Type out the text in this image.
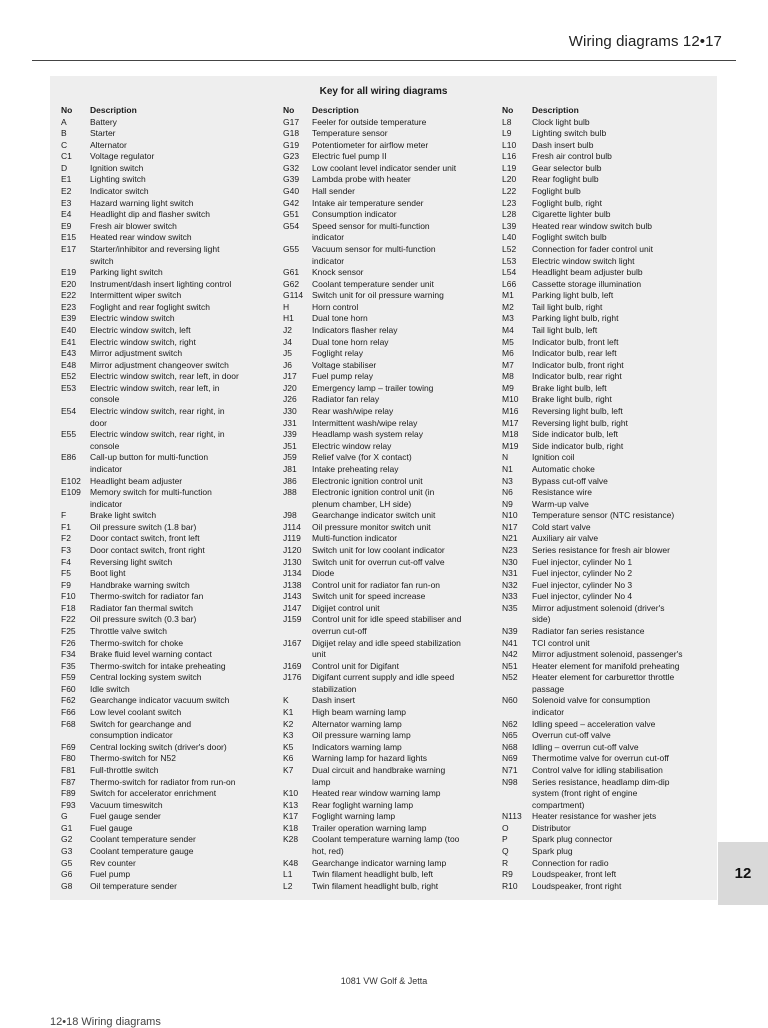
Wiring diagrams 12•17
Key for all wiring diagrams
No	Description
A	Battery
B	Starter
C	Alternator
C1	Voltage regulator
D	Ignition switch
E1	Lighting switch
E2	Indicator switch
E3	Hazard warning light switch
E4	Headlight dip and flasher switch
E9	Fresh air blower switch
E15	Heated rear window switch
E17	Starter/inhibitor and reversing light
switch
E19	Parking light switch
E20	Instrument/dash insert lighting control
E22	Intermittent wiper switch
E23	Foglight and rear foglight switch
E39	Electric window switch
E40	Electric window switch, left
E41	Electric window switch, right
E43	Mirror adjustment switch
E48	Mirror adjustment changeover switch
E52	Electric window switch, rear left, in door
E53	Electric window switch, rear left, in
console
E54	Electric window switch, rear right, in
door
E55	Electric window switch, rear right, in
console
E86	Call-up button for multi-function
indicator
E102	Headlight beam adjuster
E109	Memory switch for multi-function
indicator
F	Brake light switch
F1	Oil pressure switch (1.8 bar)
F2	Door contact switch, front left
F3	Door contact switch, front right
F4	Reversing light switch
F5	Boot light
F9	Handbrake warning switch
F10	Thermo-switch for radiator fan
F18	Radiator fan thermal switch
F22	Oil pressure switch (0.3 bar)
F25	Throttle valve switch
F26	Thermo-switch for choke
F34	Brake fluid level warning contact
F35	Thermo-switch for intake preheating
F59	Central locking system switch
F60	Idle switch
F62	Gearchange indicator vacuum switch
F66	Low level coolant switch
F68	Switch for gearchange and
consumption indicator
F69	Central locking switch (driver's door)
F80	Thermo-switch for N52
F81	Full-throttle switch
F87	Thermo-switch for radiator from run-on
F89	Switch for accelerator enrichment
F93	Vacuum timeswitch
G	Fuel gauge sender
G1	Fuel gauge
G2	Coolant temperature sender
G3	Coolant temperature gauge
G5	Rev counter
G6	Fuel pump
G8	Oil temperature sender
No	Description
G17	Feeler for outside temperature
G18	Temperature sensor
G19	Potentiometer for airflow meter
G23	Electric fuel pump II
G32	Low coolant level indicator sender unit
G39	Lambda probe with heater
G40	Hall sender
G42	Intake air temperature sender
G51	Consumption indicator
G54	Speed sensor for multi-function
indicator
G55	Vacuum sensor for multi-function
indicator
G61	Knock sensor
G62	Coolant temperature sender unit
G114	Switch unit for oil pressure warning
H	Horn control
H1	Dual tone horn
J2	Indicators flasher relay
J4	Dual tone horn relay
J5	Foglight relay
J6	Voltage stabiliser
J17	Fuel pump relay
J20	Emergency lamp – trailer towing
J26	Radiator fan relay
J30	Rear wash/wipe relay
J31	Intermittent wash/wipe relay
J39	Headlamp wash system relay
J51	Electric window relay
J59	Relief valve (for X contact)
J81	Intake preheating relay
J86	Electronic ignition control unit
J88	Electronic ignition control unit (in
plenum chamber, LH side)
J98	Gearchange indicator switch unit
J114	Oil pressure monitor switch unit
J119	Multi-function indicator
J120	Switch unit for low coolant indicator
J130	Switch unit for overrun cut-off valve
J134	Diode
J138	Control unit for radiator fan run-on
J143	Switch unit for speed increase
J147	Digijet control unit
J159	Control unit for idle speed stabiliser and
overrun cut-off
J167	Digijet relay and idle speed stabilization
unit
J169	Control unit for Digifant
J176	Digifant current supply and idle speed
stabilization
K	Dash insert
K1	High beam warning lamp
K2	Alternator warning lamp
K3	Oil pressure warning lamp
K5	Indicators warning lamp
K6	Warning lamp for hazard lights
K7	Dual circuit and handbrake warning
lamp
K10	Heated rear window warning lamp
K13	Rear foglight warning lamp
K17	Foglight warning lamp
K18	Trailer operation warning lamp
K28	Coolant temperature warning lamp (too
hot, red)
K48	Gearchange indicator warning lamp
L1	Twin filament headlight bulb, left
L2	Twin filament headlight bulb, right
No	Description
L8	Clock light bulb
L9	Lighting switch bulb
L10	Dash insert bulb
L16	Fresh air control bulb
L19	Gear selector bulb
L20	Rear foglight bulb
L22	Foglight bulb
L23	Foglight bulb, right
L28	Cigarette lighter bulb
L39	Heated rear window switch bulb
L40	Foglight switch bulb
L52	Connection for fader control unit
L53	Electric window switch light
L54	Headlight beam adjuster bulb
L66	Cassette storage illumination
M1	Parking light bulb, left
M2	Tail light bulb, right
M3	Parking light bulb, right
M4	Tail light bulb, left
M5	Indicator bulb, front left
M6	Indicator bulb, rear left
M7	Indicator bulb, front right
M8	Indicator bulb, rear right
M9	Brake light bulb, left
M10	Brake light bulb, right
M16	Reversing light bulb, left
M17	Reversing light bulb, right
M18	Side indicator bulb, left
M19	Side indicator bulb, right
N	Ignition coil
N1	Automatic choke
N3	Bypass cut-off valve
N6	Resistance wire
N9	Warm-up valve
N10	Temperature sensor (NTC resistance)
N17	Cold start valve
N21	Auxiliary air valve
N23	Series resistance for fresh air blower
N30	Fuel injector, cylinder No 1
N31	Fuel injector, cylinder No 2
N32	Fuel injector, cylinder No 3
N33	Fuel injector, cylinder No 4
N35	Mirror adjustment solenoid (driver's
side)
N39	Radiator fan series resistance
N41	TCI control unit
N42	Mirror adjustment solenoid, passenger's
N51	Heater element for manifold preheating
N52	Heater element for carburettor throttle
passage
N60	Solenoid valve for consumption
indicator
N62	Idling speed – acceleration valve
N65	Overrun cut-off valve
N68	Idling – overrun cut-off valve
N69	Thermotime valve for overrun cut-off
N71	Control valve for idling stabilisation
N98	Series resistance, headlamp dim-dip
system (front right of engine
compartment)
N113	Heater resistance for washer jets
O	Distributor
P	Spark plug connector
Q	Spark plug
R	Connection for radio
R9	Loudspeaker, front left
R10	Loudspeaker, front right
12
1081 VW Golf & Jetta
12•18 Wiring diagrams
